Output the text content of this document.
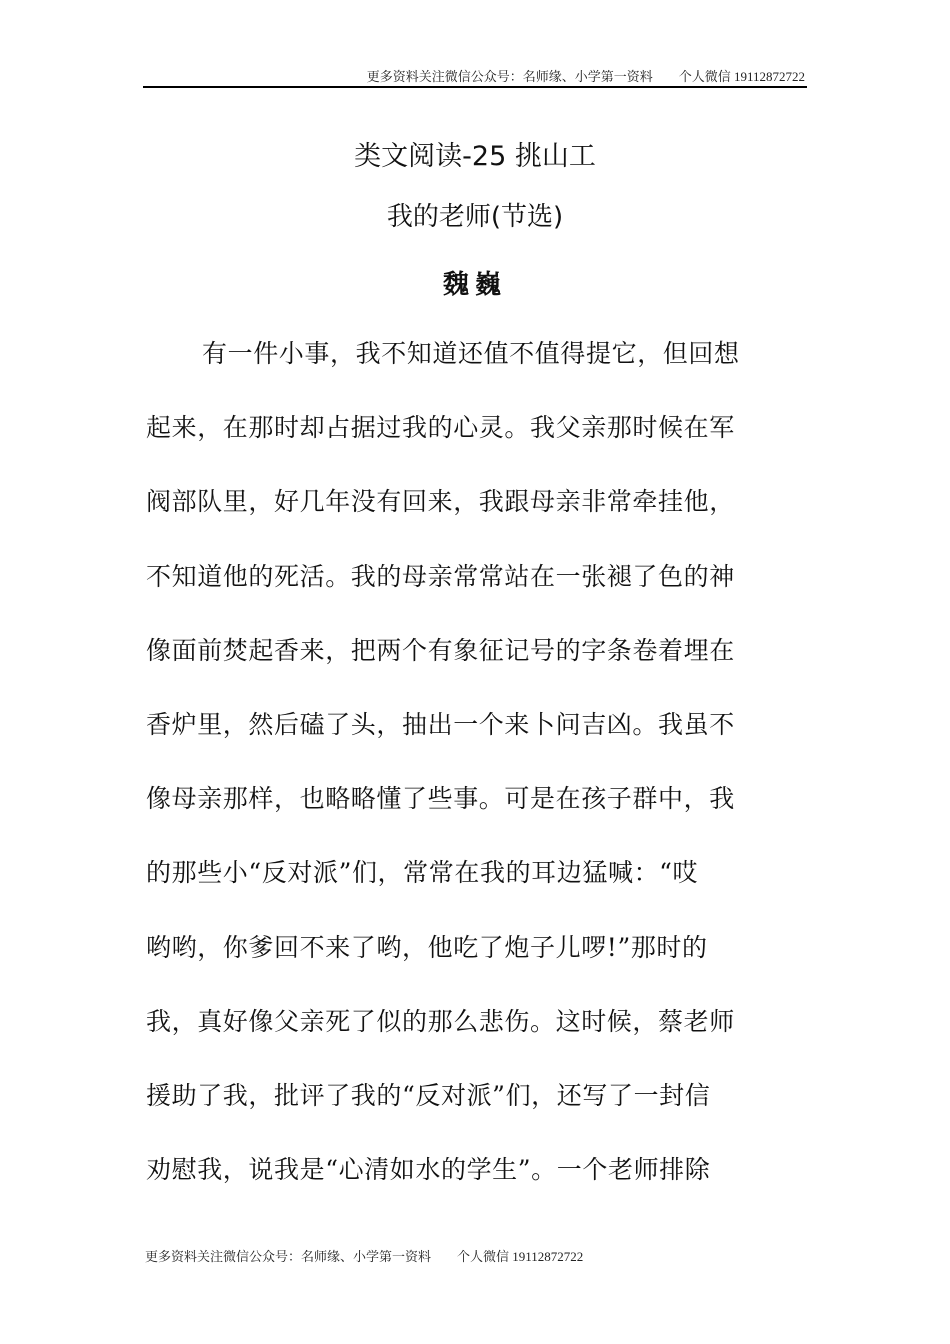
更多资料关注微信公众号：名师缘、小学第一资料　　个人微信 19112872722
类文阅读-25 挑山工
我的老师(节选)
魏巍
有一件小事，我不知道还值不值得提它，但回想
起来，在那时却占据过我的心灵。我父亲那时候在军
阀部队里，好几年没有回来，我跟母亲非常牵挂他，
不知道他的死活。我的母亲常常站在一张褪了色的神
像面前焚起香来，把两个有象征记号的字条卷着埋在
香炉里，然后磕了头，抽出一个来卜问吉凶。我虽不
像母亲那样，也略略懂了些事。可是在孩子群中，我
的那些小“反对派”们，常常在我的耳边猛喊：“哎
哟哟，你爹回不来了哟，他吃了炮子儿啰!”那时的
我，真好像父亲死了似的那么悲伤。这时候，蔡老师
援助了我，批评了我的“反对派”们，还写了一封信
劝慰我，说我是“心清如水的学生”。一个老师排除
更多资料关注微信公众号：名师缘、小学第一资料　　个人微信 19112872722
